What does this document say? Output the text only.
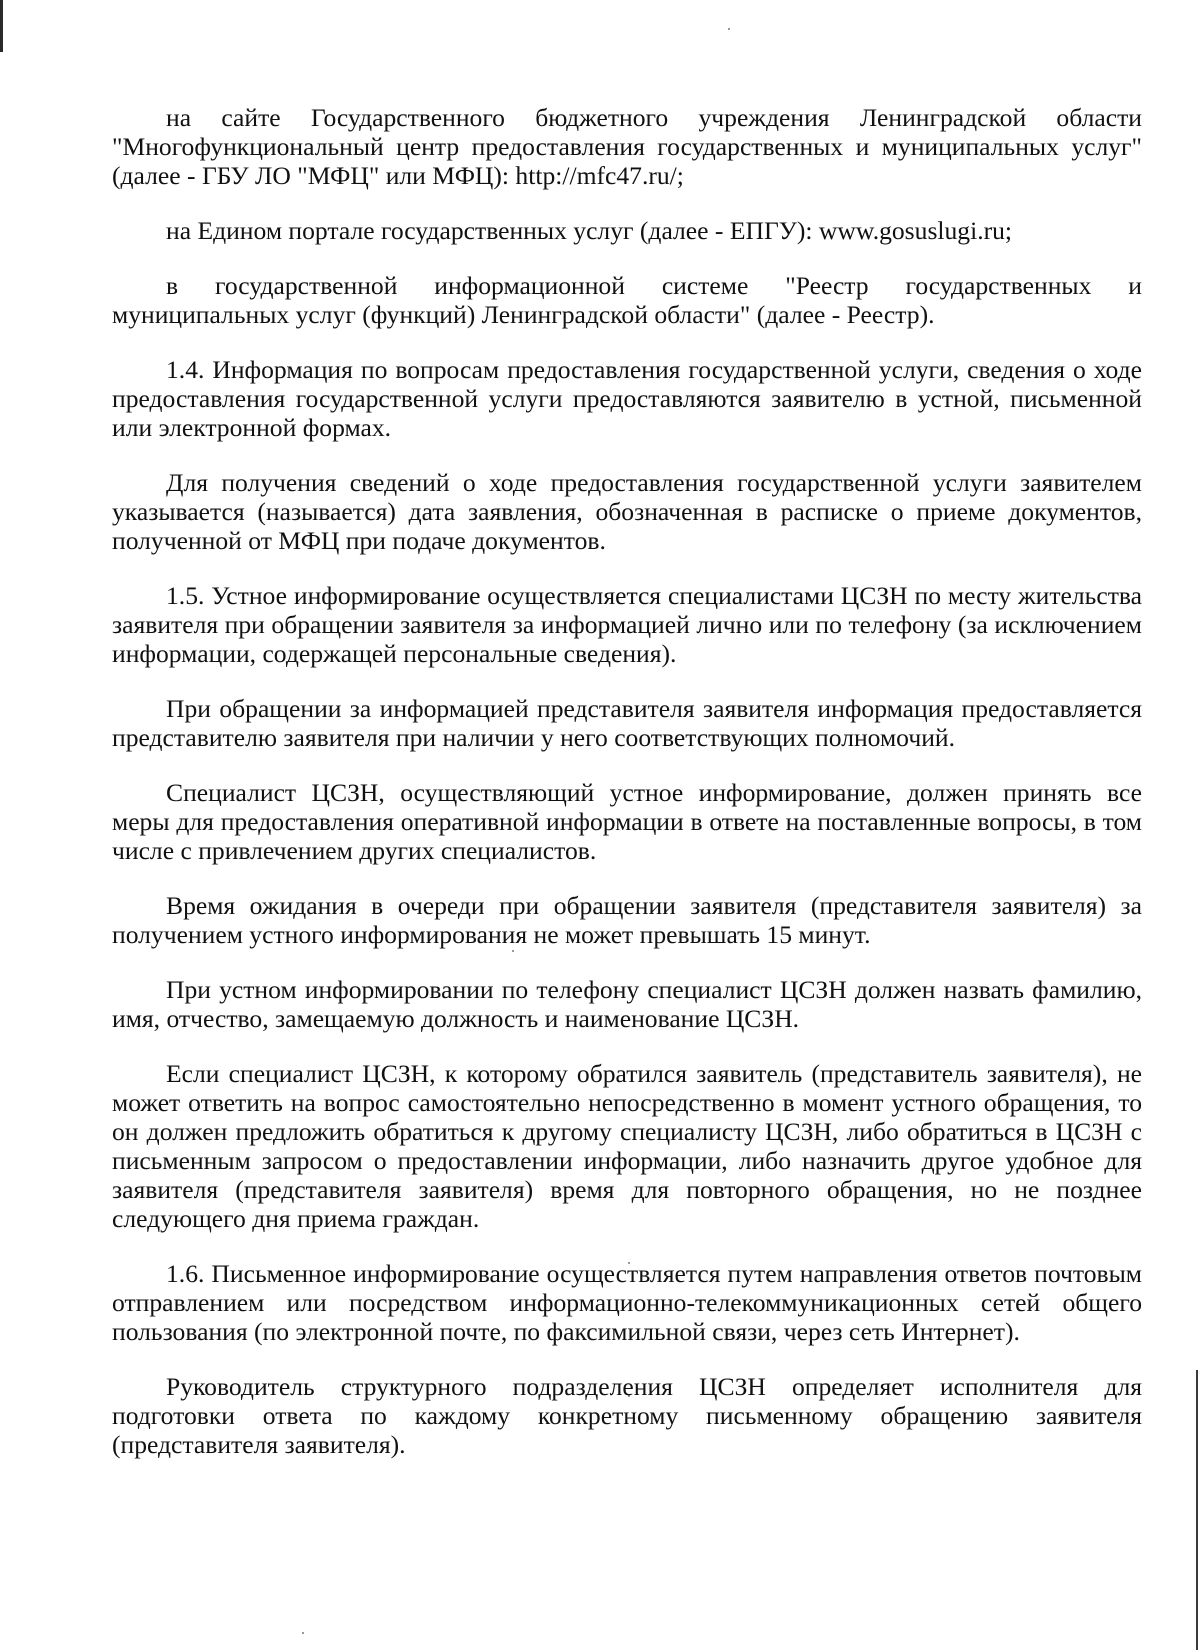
на сайте Государственного бюджетного учреждения Ленинградской области "Многофункциональный центр предоставления государственных и муниципальных услуг" (далее - ГБУ ЛО "МФЦ" или МФЦ): http://mfc47.ru/;

на Едином портале государственных услуг (далее - ЕПГУ): www.gosuslugi.ru;

в государственной информационной системе "Реестр государственных и муниципальных услуг (функций) Ленинградской области" (далее - Реестр).

1.4. Информация по вопросам предоставления государственной услуги, сведения о ходе предоставления государственной услуги предоставляются заявителю в устной, письменной или электронной формах.

Для получения сведений о ходе предоставления государственной услуги заявителем указывается (называется) дата заявления, обозначенная в расписке о приеме документов, полученной от МФЦ при подаче документов.

1.5. Устное информирование осуществляется специалистами ЦСЗН по месту жительства заявителя при обращении заявителя за информацией лично или по телефону (за исключением информации, содержащей персональные сведения).

При обращении за информацией представителя заявителя информация предоставляется представителю заявителя при наличии у него соответствующих полномочий.

Специалист ЦСЗН, осуществляющий устное информирование, должен принять все меры для предоставления оперативной информации в ответе на поставленные вопросы, в том числе с привлечением других специалистов.

Время ожидания в очереди при обращении заявителя (представителя заявителя) за получением устного информирования не может превышать 15 минут.

При устном информировании по телефону специалист ЦСЗН должен назвать фамилию, имя, отчество, замещаемую должность и наименование ЦСЗН.

Если специалист ЦСЗН, к которому обратился заявитель (представитель заявителя), не может ответить на вопрос самостоятельно непосредственно в момент устного обращения, то он должен предложить обратиться к другому специалисту ЦСЗН, либо обратиться в ЦСЗН с письменным запросом о предоставлении информации, либо назначить другое удобное для заявителя (представителя заявителя) время для повторного обращения, но не позднее следующего дня приема граждан.

1.6. Письменное информирование осуществляется путем направления ответов почтовым отправлением или посредством информационно-телекоммуникационных сетей общего пользования (по электронной почте, по факсимильной связи, через сеть Интернет).

Руководитель структурного подразделения ЦСЗН определяет исполнителя для подготовки ответа по каждому конкретному письменному обращению заявителя (представителя заявителя).
